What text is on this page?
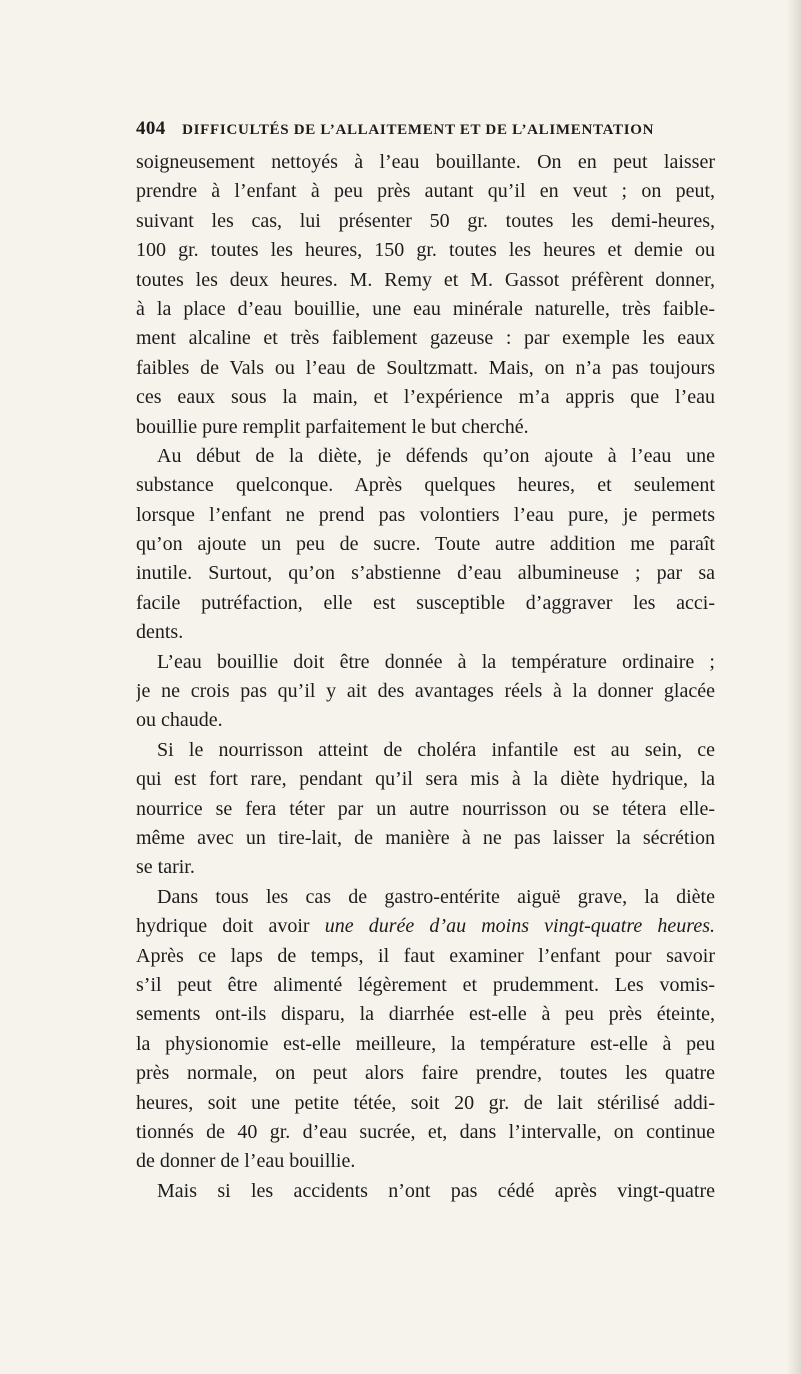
404 DIFFICULTÉS DE L’ALLAITEMENT ET DE L’ALIMENTATION
soigneusement nettoyés à l’eau bouillante. On en peut laisser
prendre à l’enfant à peu près autant qu’il en veut ; on peut,
suivant les cas, lui présenter 50 gr. toutes les demi-heures,
100 gr. toutes les heures, 150 gr. toutes les heures et demie ou
toutes les deux heures. M. Remy et M. Gassot préfèrent donner,
à la place d’eau bouillie, une eau minérale naturelle, très faible-
ment alcaline et très faiblement gazeuse : par exemple les eaux
faibles de Vals ou l’eau de Soultzmatt. Mais, on n’a pas toujours
ces eaux sous la main, et l’expérience m’a appris que l’eau
bouillie pure remplit parfaitement le but cherché.
Au début de la diète, je défends qu’on ajoute à l’eau une
substance quelconque. Après quelques heures, et seulement
lorsque l’enfant ne prend pas volontiers l’eau pure, je permets
qu’on ajoute un peu de sucre. Toute autre addition me paraît
inutile. Surtout, qu’on s’abstienne d’eau albumineuse ; par sa
facile putréfaction, elle est susceptible d’aggraver les acci-
dents.
L’eau bouillie doit être donnée à la température ordinaire ;
je ne crois pas qu’il y ait des avantages réels à la donner glacée
ou chaude.
Si le nourrisson atteint de choléra infantile est au sein, ce
qui est fort rare, pendant qu’il sera mis à la diète hydrique, la
nourrice se fera téter par un autre nourrisson ou se tétera elle-
même avec un tire-lait, de manière à ne pas laisser la sécrétion
se tarir.
Dans tous les cas de gastro-entérite aiguë grave, la diète
hydrique doit avoir une durée d’au moins vingt-quatre heures.
Après ce laps de temps, il faut examiner l’enfant pour savoir
s’il peut être alimenté légèrement et prudemment. Les vomis-
sements ont-ils disparu, la diarrhée est-elle à peu près éteinte,
la physionomie est-elle meilleure, la température est-elle à peu
près normale, on peut alors faire prendre, toutes les quatre
heures, soit une petite tétée, soit 20 gr. de lait stérilisé addi-
tionnés de 40 gr. d’eau sucrée, et, dans l’intervalle, on continue
de donner de l’eau bouillie.
Mais si les accidents n’ont pas cédé après vingt-quatre
